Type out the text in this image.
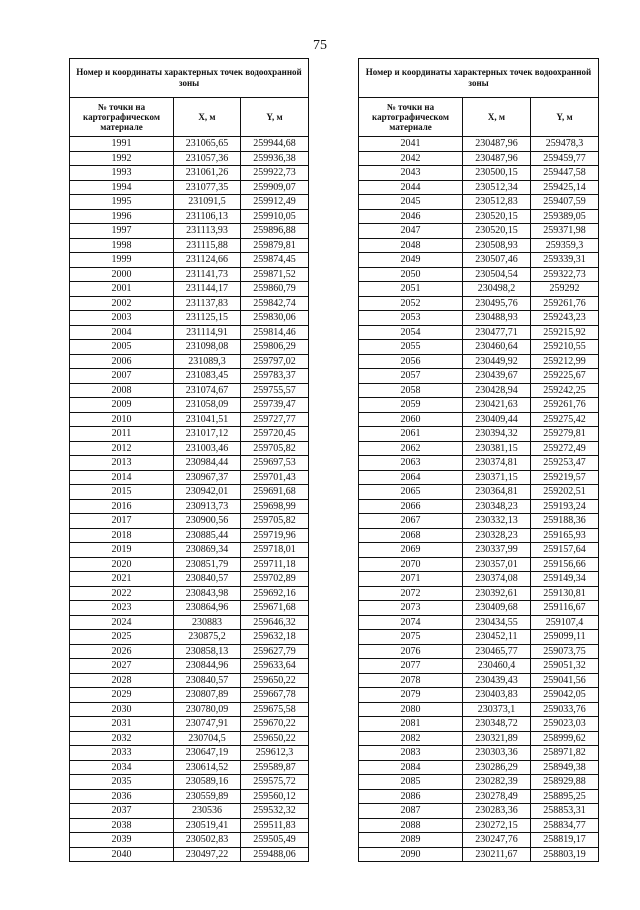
75
Номер и координаты характерных точек водоохранной зоны		
№ точки на картографическом материале	X, м	Y, м
1991	231065,65	259944,68
1992	231057,36	259936,38
1993	231061,26	259922,73
1994	231077,35	259909,07
1995	231091,5	259912,49
1996	231106,13	259910,05
1997	231113,93	259896,88
1998	231115,88	259879,81
1999	231124,66	259874,45
2000	231141,73	259871,52
2001	231144,17	259860,79
2002	231137,83	259842,74
2003	231125,15	259830,06
2004	231114,91	259814,46
2005	231098,08	259806,29
2006	231089,3	259797,02
2007	231083,45	259783,37
2008	231074,67	259755,57
2009	231058,09	259739,47
2010	231041,51	259727,77
2011	231017,12	259720,45
2012	231003,46	259705,82
2013	230984,44	259697,53
2014	230967,37	259701,43
2015	230942,01	259691,68
2016	230913,73	259698,99
2017	230900,56	259705,82
2018	230885,44	259719,96
2019	230869,34	259718,01
2020	230851,79	259711,18
2021	230840,57	259702,89
2022	230843,98	259692,16
2023	230864,96	259671,68
2024	230883	259646,32
2025	230875,2	259632,18
2026	230858,13	259627,79
2027	230844,96	259633,64
2028	230840,57	259650,22
2029	230807,89	259667,78
2030	230780,09	259675,58
2031	230747,91	259670,22
2032	230704,5	259650,22
2033	230647,19	259612,3
2034	230614,52	259589,87
2035	230589,16	259575,72
2036	230559,89	259560,12
2037	230536	259532,32
2038	230519,41	259511,83
2039	230502,83	259505,49
2040	230497,22	259488,06
Номер и координаты характерных точек водоохранной зоны		
№ точки на картографическом материале	X, м	Y, м
2041	230487,96	259478,3
2042	230487,96	259459,77
2043	230500,15	259447,58
2044	230512,34	259425,14
2045	230512,83	259407,59
2046	230520,15	259389,05
2047	230520,15	259371,98
2048	230508,93	259359,3
2049	230507,46	259339,31
2050	230504,54	259322,73
2051	230498,2	259292
2052	230495,76	259261,76
2053	230488,93	259243,23
2054	230477,71	259215,92
2055	230460,64	259210,55
2056	230449,92	259212,99
2057	230439,67	259225,67
2058	230428,94	259242,25
2059	230421,63	259261,76
2060	230409,44	259275,42
2061	230394,32	259279,81
2062	230381,15	259272,49
2063	230374,81	259253,47
2064	230371,15	259219,57
2065	230364,81	259202,51
2066	230348,23	259193,24
2067	230332,13	259188,36
2068	230328,23	259165,93
2069	230337,99	259157,64
2070	230357,01	259156,66
2071	230374,08	259149,34
2072	230392,61	259130,81
2073	230409,68	259116,67
2074	230434,55	259107,4
2075	230452,11	259099,11
2076	230465,77	259073,75
2077	230460,4	259051,32
2078	230439,43	259041,56
2079	230403,83	259042,05
2080	230373,1	259033,76
2081	230348,72	259023,03
2082	230321,89	258999,62
2083	230303,36	258971,82
2084	230286,29	258949,38
2085	230282,39	258929,88
2086	230278,49	258895,25
2087	230283,36	258853,31
2088	230272,15	258834,77
2089	230247,76	258819,17
2090	230211,67	258803,19
